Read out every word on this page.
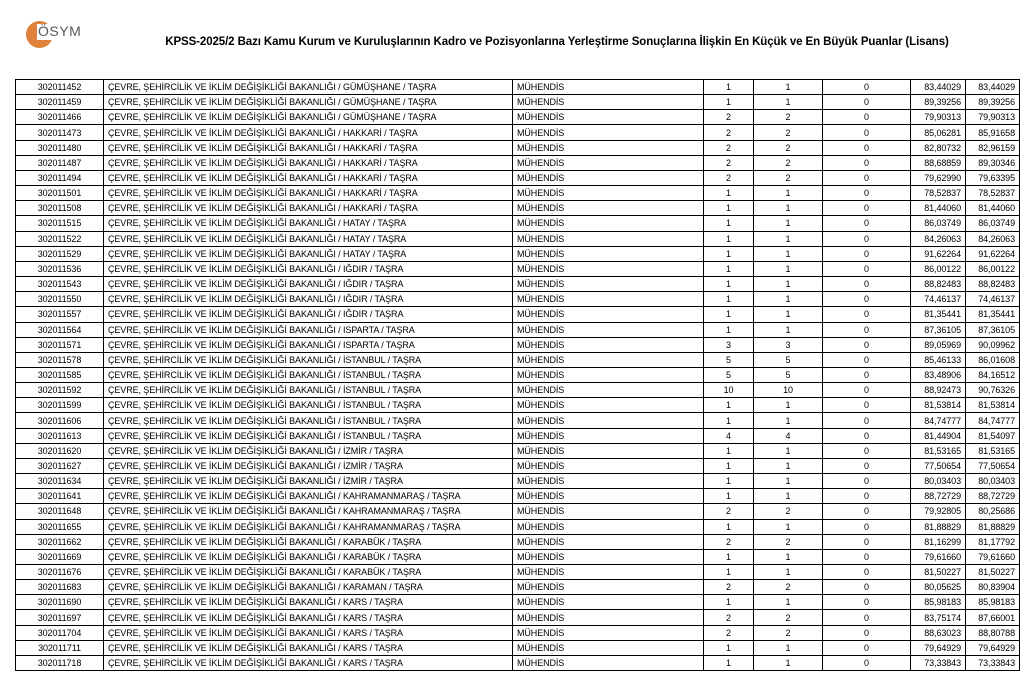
ÖSYM
KPSS-2025/2 Bazı Kamu Kurum ve Kuruluşlarının Kadro ve Pozisyonlarına Yerleştirme Sonuçlarına İlişkin En Küçük ve En Büyük Puanlar (Lisans)
302011452	ÇEVRE, ŞEHİRCİLİK VE İKLİM DEĞİŞİKLİĞİ BAKANLIĞI / GÜMÜŞHANE / TAŞRA	MÜHENDİS	1	1	0	83,44029	83,44029
302011459	ÇEVRE, ŞEHİRCİLİK VE İKLİM DEĞİŞİKLİĞİ BAKANLIĞI / GÜMÜŞHANE / TAŞRA	MÜHENDİS	1	1	0	89,39256	89,39256
302011466	ÇEVRE, ŞEHİRCİLİK VE İKLİM DEĞİŞİKLİĞİ BAKANLIĞI / GÜMÜŞHANE / TAŞRA	MÜHENDİS	2	2	0	79,90313	79,90313
302011473	ÇEVRE, ŞEHİRCİLİK VE İKLİM DEĞİŞİKLİĞİ BAKANLIĞI / HAKKARİ / TAŞRA	MÜHENDİS	2	2	0	85,06281	85,91658
302011480	ÇEVRE, ŞEHİRCİLİK VE İKLİM DEĞİŞİKLİĞİ BAKANLIĞI / HAKKARİ / TAŞRA	MÜHENDİS	2	2	0	82,80732	82,96159
302011487	ÇEVRE, ŞEHİRCİLİK VE İKLİM DEĞİŞİKLİĞİ BAKANLIĞI / HAKKARİ / TAŞRA	MÜHENDİS	2	2	0	88,68859	89,30346
302011494	ÇEVRE, ŞEHİRCİLİK VE İKLİM DEĞİŞİKLİĞİ BAKANLIĞI / HAKKARİ / TAŞRA	MÜHENDİS	2	2	0	79,62990	79,63395
302011501	ÇEVRE, ŞEHİRCİLİK VE İKLİM DEĞİŞİKLİĞİ BAKANLIĞI / HAKKARİ / TAŞRA	MÜHENDİS	1	1	0	78,52837	78,52837
302011508	ÇEVRE, ŞEHİRCİLİK VE İKLİM DEĞİŞİKLİĞİ BAKANLIĞI / HAKKARİ / TAŞRA	MÜHENDİS	1	1	0	81,44060	81,44060
302011515	ÇEVRE, ŞEHİRCİLİK VE İKLİM DEĞİŞİKLİĞİ BAKANLIĞI / HATAY / TAŞRA	MÜHENDİS	1	1	0	86,03749	86,03749
302011522	ÇEVRE, ŞEHİRCİLİK VE İKLİM DEĞİŞİKLİĞİ BAKANLIĞI / HATAY / TAŞRA	MÜHENDİS	1	1	0	84,26063	84,26063
302011529	ÇEVRE, ŞEHİRCİLİK VE İKLİM DEĞİŞİKLİĞİ BAKANLIĞI / HATAY / TAŞRA	MÜHENDİS	1	1	0	91,62264	91,62264
302011536	ÇEVRE, ŞEHİRCİLİK VE İKLİM DEĞİŞİKLİĞİ BAKANLIĞI / IĞDIR / TAŞRA	MÜHENDİS	1	1	0	86,00122	86,00122
302011543	ÇEVRE, ŞEHİRCİLİK VE İKLİM DEĞİŞİKLİĞİ BAKANLIĞI / IĞDIR / TAŞRA	MÜHENDİS	1	1	0	88,82483	88,82483
302011550	ÇEVRE, ŞEHİRCİLİK VE İKLİM DEĞİŞİKLİĞİ BAKANLIĞI / IĞDIR / TAŞRA	MÜHENDİS	1	1	0	74,46137	74,46137
302011557	ÇEVRE, ŞEHİRCİLİK VE İKLİM DEĞİŞİKLİĞİ BAKANLIĞI / IĞDIR / TAŞRA	MÜHENDİS	1	1	0	81,35441	81,35441
302011564	ÇEVRE, ŞEHİRCİLİK VE İKLİM DEĞİŞİKLİĞİ BAKANLIĞI / ISPARTA / TAŞRA	MÜHENDİS	1	1	0	87,36105	87,36105
302011571	ÇEVRE, ŞEHİRCİLİK VE İKLİM DEĞİŞİKLİĞİ BAKANLIĞI / ISPARTA / TAŞRA	MÜHENDİS	3	3	0	89,05969	90,09962
302011578	ÇEVRE, ŞEHİRCİLİK VE İKLİM DEĞİŞİKLİĞİ BAKANLIĞI / İSTANBUL / TAŞRA	MÜHENDİS	5	5	0	85,46133	86,01608
302011585	ÇEVRE, ŞEHİRCİLİK VE İKLİM DEĞİŞİKLİĞİ BAKANLIĞI / İSTANBUL / TAŞRA	MÜHENDİS	5	5	0	83,48906	84,16512
302011592	ÇEVRE, ŞEHİRCİLİK VE İKLİM DEĞİŞİKLİĞİ BAKANLIĞI / İSTANBUL / TAŞRA	MÜHENDİS	10	10	0	88,92473	90,76326
302011599	ÇEVRE, ŞEHİRCİLİK VE İKLİM DEĞİŞİKLİĞİ BAKANLIĞI / İSTANBUL / TAŞRA	MÜHENDİS	1	1	0	81,53814	81,53814
302011606	ÇEVRE, ŞEHİRCİLİK VE İKLİM DEĞİŞİKLİĞİ BAKANLIĞI / İSTANBUL / TAŞRA	MÜHENDİS	1	1	0	84,74777	84,74777
302011613	ÇEVRE, ŞEHİRCİLİK VE İKLİM DEĞİŞİKLİĞİ BAKANLIĞI / İSTANBUL / TAŞRA	MÜHENDİS	4	4	0	81,44904	81,54097
302011620	ÇEVRE, ŞEHİRCİLİK VE İKLİM DEĞİŞİKLİĞİ BAKANLIĞI / İZMİR / TAŞRA	MÜHENDİS	1	1	0	81,53165	81,53165
302011627	ÇEVRE, ŞEHİRCİLİK VE İKLİM DEĞİŞİKLİĞİ BAKANLIĞI / İZMİR / TAŞRA	MÜHENDİS	1	1	0	77,50654	77,50654
302011634	ÇEVRE, ŞEHİRCİLİK VE İKLİM DEĞİŞİKLİĞİ BAKANLIĞI / İZMİR / TAŞRA	MÜHENDİS	1	1	0	80,03403	80,03403
302011641	ÇEVRE, ŞEHİRCİLİK VE İKLİM DEĞİŞİKLİĞİ BAKANLIĞI / KAHRAMANMARAŞ / TAŞRA	MÜHENDİS	1	1	0	88,72729	88,72729
302011648	ÇEVRE, ŞEHİRCİLİK VE İKLİM DEĞİŞİKLİĞİ BAKANLIĞI / KAHRAMANMARAŞ / TAŞRA	MÜHENDİS	2	2	0	79,92805	80,25686
302011655	ÇEVRE, ŞEHİRCİLİK VE İKLİM DEĞİŞİKLİĞİ BAKANLIĞI / KAHRAMANMARAŞ / TAŞRA	MÜHENDİS	1	1	0	81,88829	81,88829
302011662	ÇEVRE, ŞEHİRCİLİK VE İKLİM DEĞİŞİKLİĞİ BAKANLIĞI / KARABÜK / TAŞRA	MÜHENDİS	2	2	0	81,16299	81,17792
302011669	ÇEVRE, ŞEHİRCİLİK VE İKLİM DEĞİŞİKLİĞİ BAKANLIĞI / KARABÜK / TAŞRA	MÜHENDİS	1	1	0	79,61660	79,61660
302011676	ÇEVRE, ŞEHİRCİLİK VE İKLİM DEĞİŞİKLİĞİ BAKANLIĞI / KARABÜK / TAŞRA	MÜHENDİS	1	1	0	81,50227	81,50227
302011683	ÇEVRE, ŞEHİRCİLİK VE İKLİM DEĞİŞİKLİĞİ BAKANLIĞI / KARAMAN / TAŞRA	MÜHENDİS	2	2	0	80,05625	80,83904
302011690	ÇEVRE, ŞEHİRCİLİK VE İKLİM DEĞİŞİKLİĞİ BAKANLIĞI / KARS / TAŞRA	MÜHENDİS	1	1	0	85,98183	85,98183
302011697	ÇEVRE, ŞEHİRCİLİK VE İKLİM DEĞİŞİKLİĞİ BAKANLIĞI / KARS / TAŞRA	MÜHENDİS	2	2	0	83,75174	87,66001
302011704	ÇEVRE, ŞEHİRCİLİK VE İKLİM DEĞİŞİKLİĞİ BAKANLIĞI / KARS / TAŞRA	MÜHENDİS	2	2	0	88,63023	88,80788
302011711	ÇEVRE, ŞEHİRCİLİK VE İKLİM DEĞİŞİKLİĞİ BAKANLIĞI / KARS / TAŞRA	MÜHENDİS	1	1	0	79,64929	79,64929
302011718	ÇEVRE, ŞEHİRCİLİK VE İKLİM DEĞİŞİKLİĞİ BAKANLIĞI / KARS / TAŞRA	MÜHENDİS	1	1	0	73,33843	73,33843
